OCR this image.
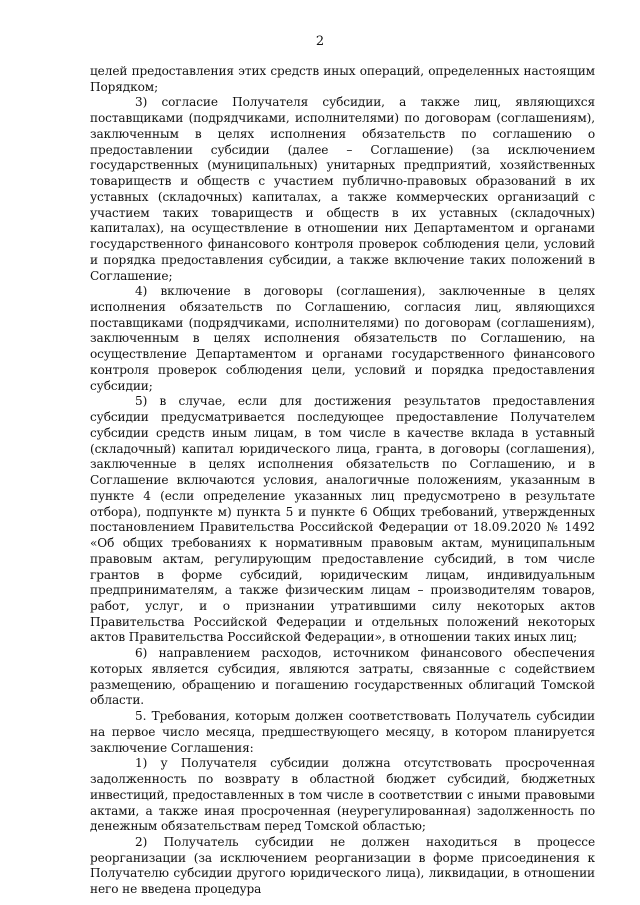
2

целей предоставления этих средств иных операций, определенных настоящим Порядком;

3) согласие Получателя субсидии, а также лиц, являющихся поставщиками (подрядчиками, исполнителями) по договорам (соглашениям), заключенным в целях исполнения обязательств по соглашению о предоставлении субсидии (далее – Соглашение) (за исключением государственных (муниципальных) унитарных предприятий, хозяйственных товариществ и обществ с участием публично-правовых образований в их уставных (складочных) капиталах, а также коммерческих организаций с участием таких товариществ и обществ в их уставных (складочных) капиталах), на осуществление в отношении них Департаментом и органами государственного финансового контроля проверок соблюдения цели, условий и порядка предоставления субсидии, а также включение таких положений в Соглашение;

4) включение в договоры (соглашения), заключенные в целях исполнения обязательств по Соглашению, согласия лиц, являющихся поставщиками (подрядчиками, исполнителями) по договорам (соглашениям), заключенным в целях исполнения обязательств по Соглашению, на осуществление Департаментом и органами государственного финансового контроля проверок соблюдения цели, условий и порядка предоставления субсидии;

5) в случае, если для достижения результатов предоставления субсидии предусматривается последующее предоставление Получателем субсидии средств иным лицам, в том числе в качестве вклада в уставный (складочный) капитал юридического лица, гранта, в договоры (соглашения), заключенные в целях исполнения обязательств по Соглашению, и в Соглашение включаются условия, аналогичные положениям, указанным в пункте 4 (если определение указанных лиц предусмотрено в результате отбора), подпункте м) пункта 5 и пункте 6 Общих требований, утвержденных постановлением Правительства Российской Федерации от 18.09.2020 № 1492 «Об общих требованиях к нормативным правовым актам, муниципальным правовым актам, регулирующим предоставление субсидий, в том числе грантов в форме субсидий, юридическим лицам, индивидуальным предпринимателям, а также физическим лицам – производителям товаров, работ, услуг, и о признании утратившими силу некоторых актов Правительства Российской Федерации и отдельных положений некоторых актов Правительства Российской Федерации», в отношении таких иных лиц;

6) направлением расходов, источником финансового обеспечения которых является субсидия, являются затраты, связанные с содействием размещению, обращению и погашению государственных облигаций Томской области.

5. Требования, которым должен соответствовать Получатель субсидии на первое число месяца, предшествующего месяцу, в котором планируется заключение Соглашения:

1) у Получателя субсидии должна отсутствовать просроченная задолженность по возврату в областной бюджет субсидий, бюджетных инвестиций, предоставленных в том числе в соответствии с иными правовыми актами, а также иная просроченная (неурегулированная) задолженность по денежным обязательствам перед Томской областью;

2) Получатель субсидии не должен находиться в процессе реорганизации (за исключением реорганизации в форме присоединения к Получателю субсидии другого юридического лица), ликвидации, в отношении него не введена процедура
